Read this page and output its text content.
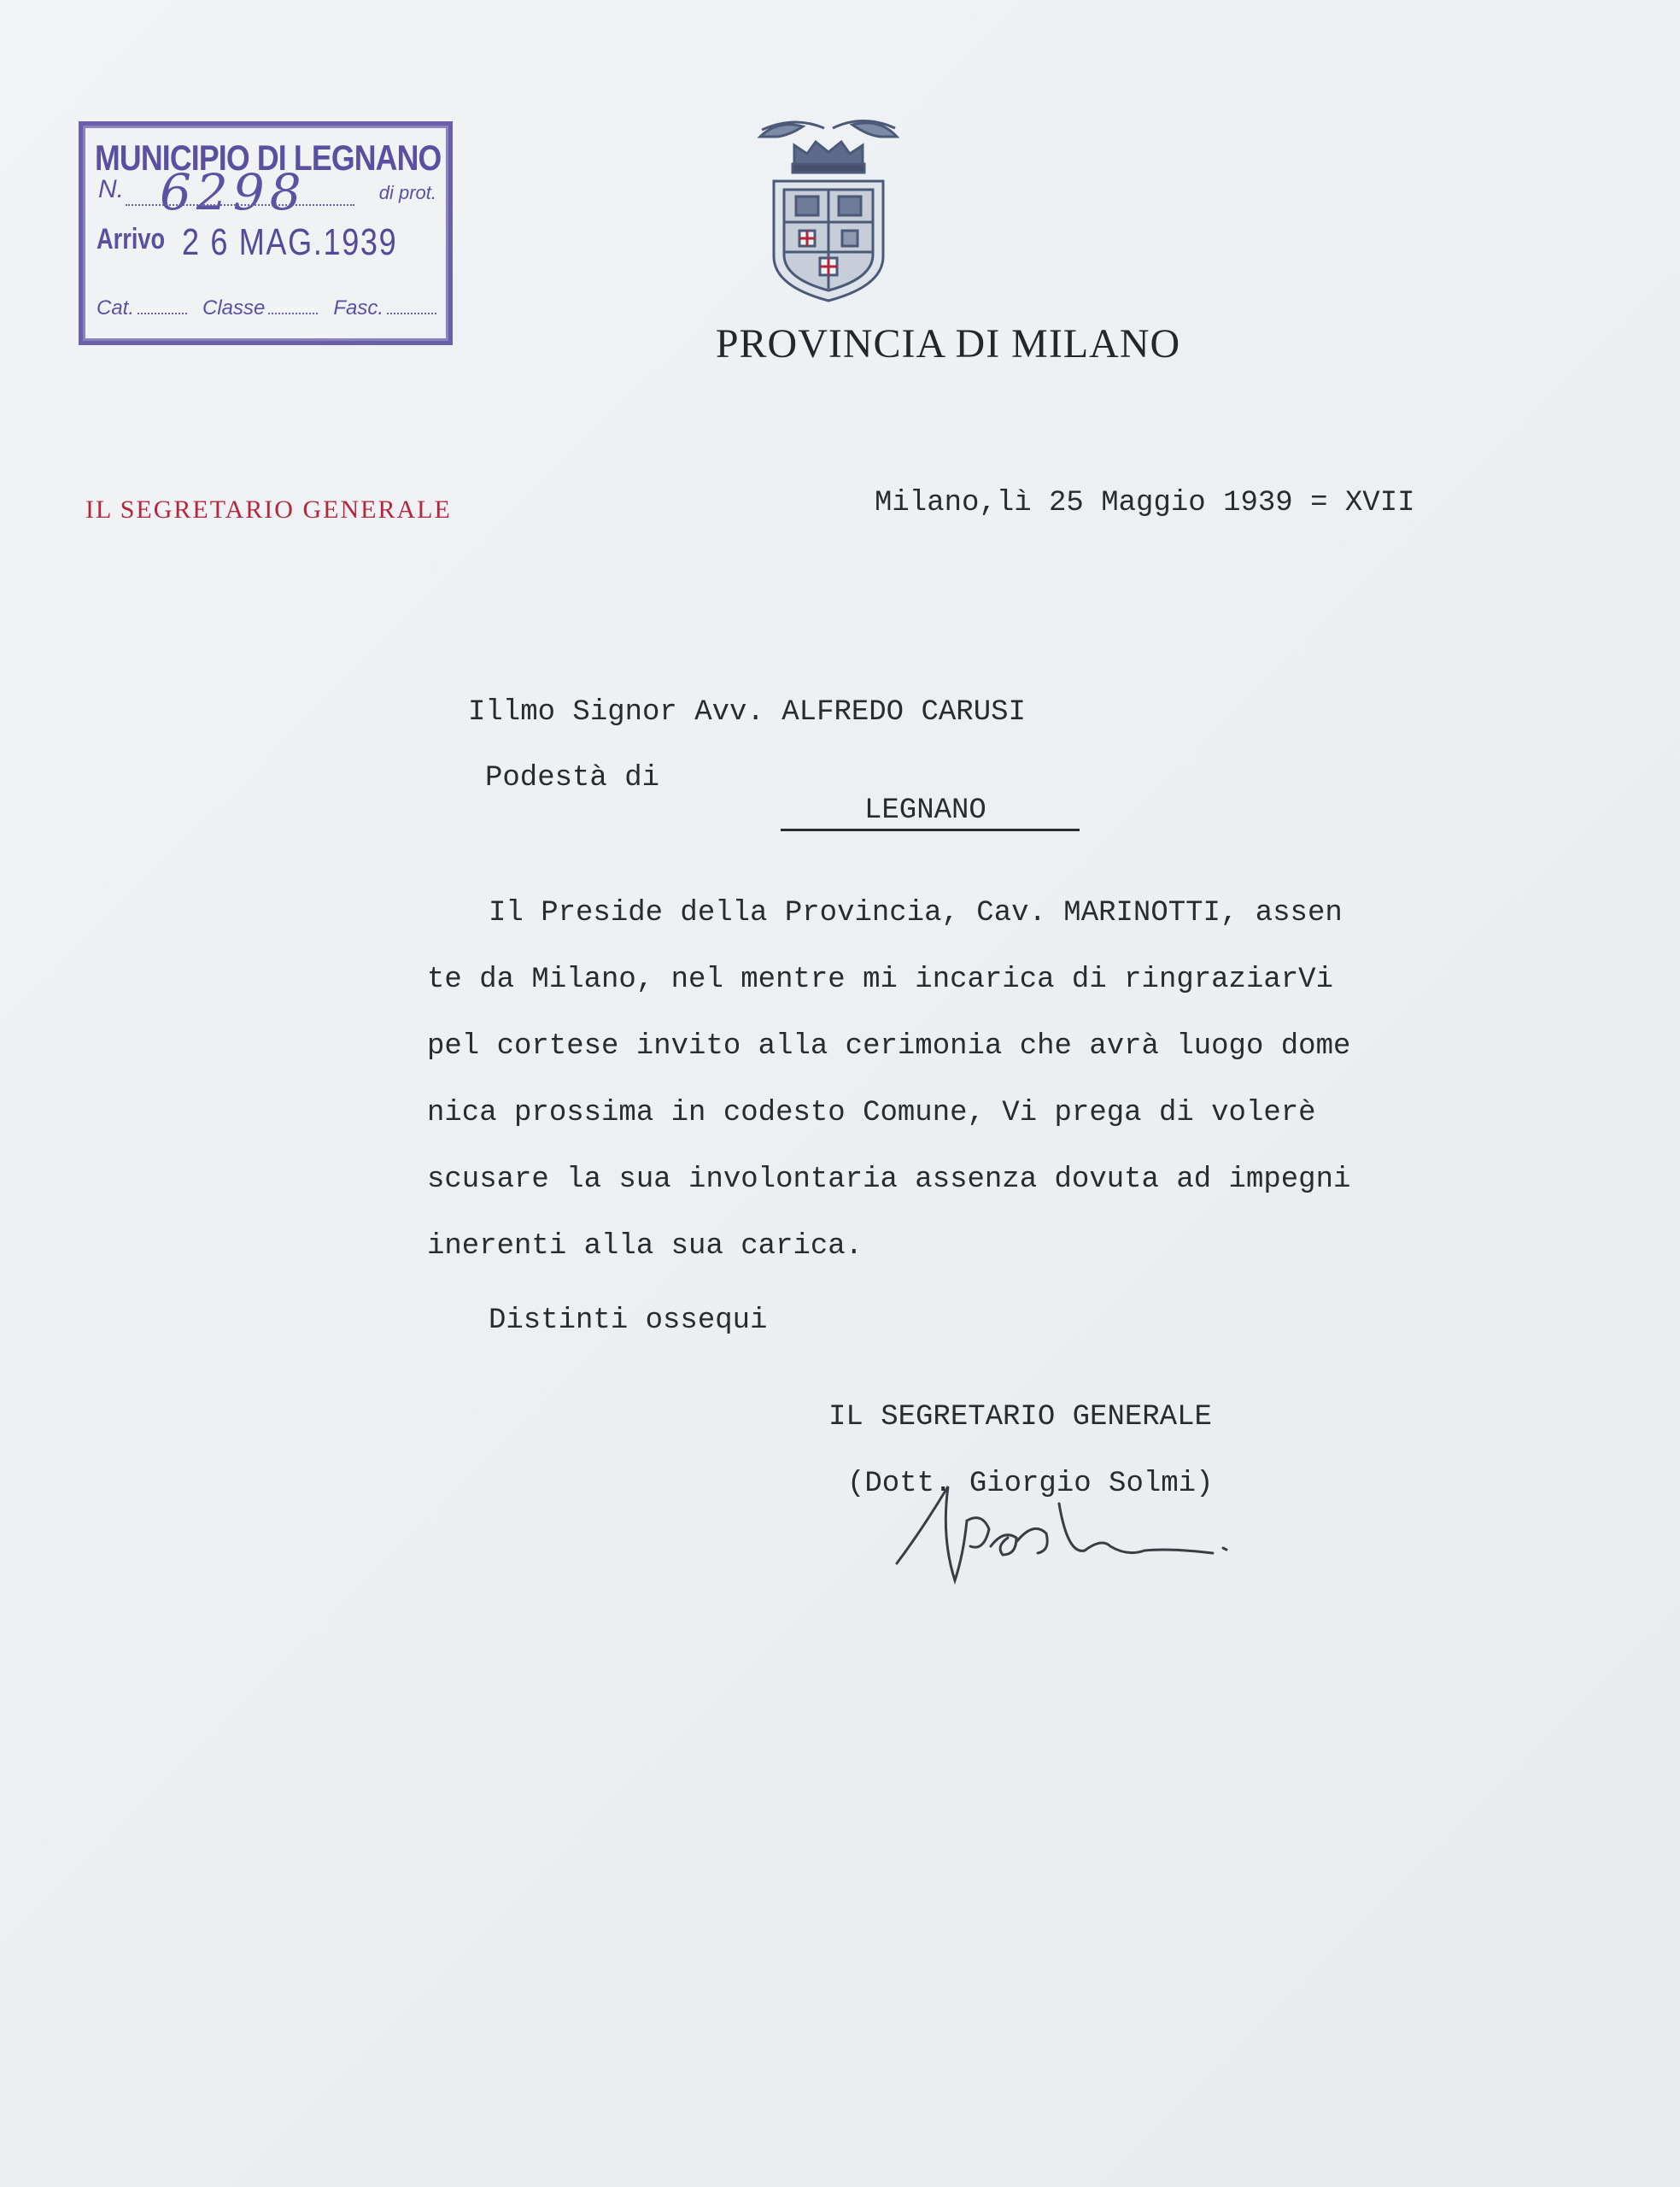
MUNICIPIO DI LEGNANO
N. 6298	di prot.
Arrivo 2 6 MAG.1939
Cat.	Classe	Fasc.
PROVINCIA DI MILANO
IL SEGRETARIO GENERALE	Milano,lì 25 Maggio 1939 = XVII
Illmo Signor Avv. ALFREDO CARUSI
Podestà di
LEGNANO
Il Preside della Provincia, Cav. MARINOTTI, assen
te da Milano, nel mentre mi incarica di ringraziarVi
pel cortese invito alla cerimonia che avrà luogo dome
nica prossima in codesto Comune, Vi prega di volerè
scusare la sua involontaria assenza dovuta ad impegni
inerenti alla sua carica.
Distinti ossequi
IL SEGRETARIO GENERALE
(Dott. Giorgio Solmi)
